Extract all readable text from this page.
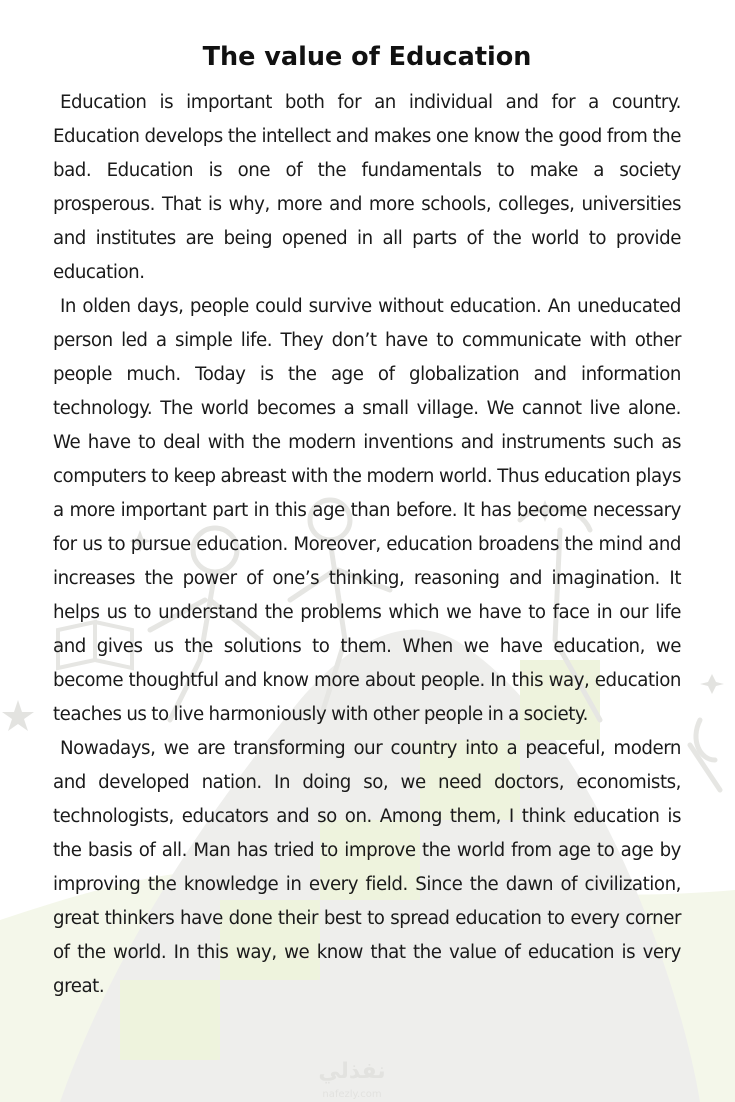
نفذلي
nafezly.com
The value of Education

Education is important both for an individual and for a country. Education develops the intellect and makes one know the good from the bad. Education is one of the fundamentals to make a society prosperous. That is why, more and more schools, colleges, universities and institutes are being opened in all parts of the world to provide education.

In olden days, people could survive without education. An uneducated person led a simple life. They don’t have to communicate with other people much. Today is the age of globalization and information technology. The world becomes a small village. We cannot live alone. We have to deal with the modern inventions and instruments such as computers to keep abreast with the modern world. Thus education plays a more important part in this age than before. It has become necessary for us to pursue education. Moreover, education broadens the mind and increases the power of one’s thinking, reasoning and imagination. It helps us to understand the problems which we have to face in our life and gives us the solutions to them. When we have education, we become thoughtful and know more about people. In this way, education teaches us to live harmoniously with other people in a society.

Nowadays, we are transforming our country into a peaceful, modern and developed nation. In doing so, we need doctors, economists, technologists, educators and so on. Among them, I think education is the basis of all. Man has tried to improve the world from age to age by improving the knowledge in every field. Since the dawn of civilization, great thinkers have done their best to spread education to every corner of the world. In this way, we know that the value of education is very great.
